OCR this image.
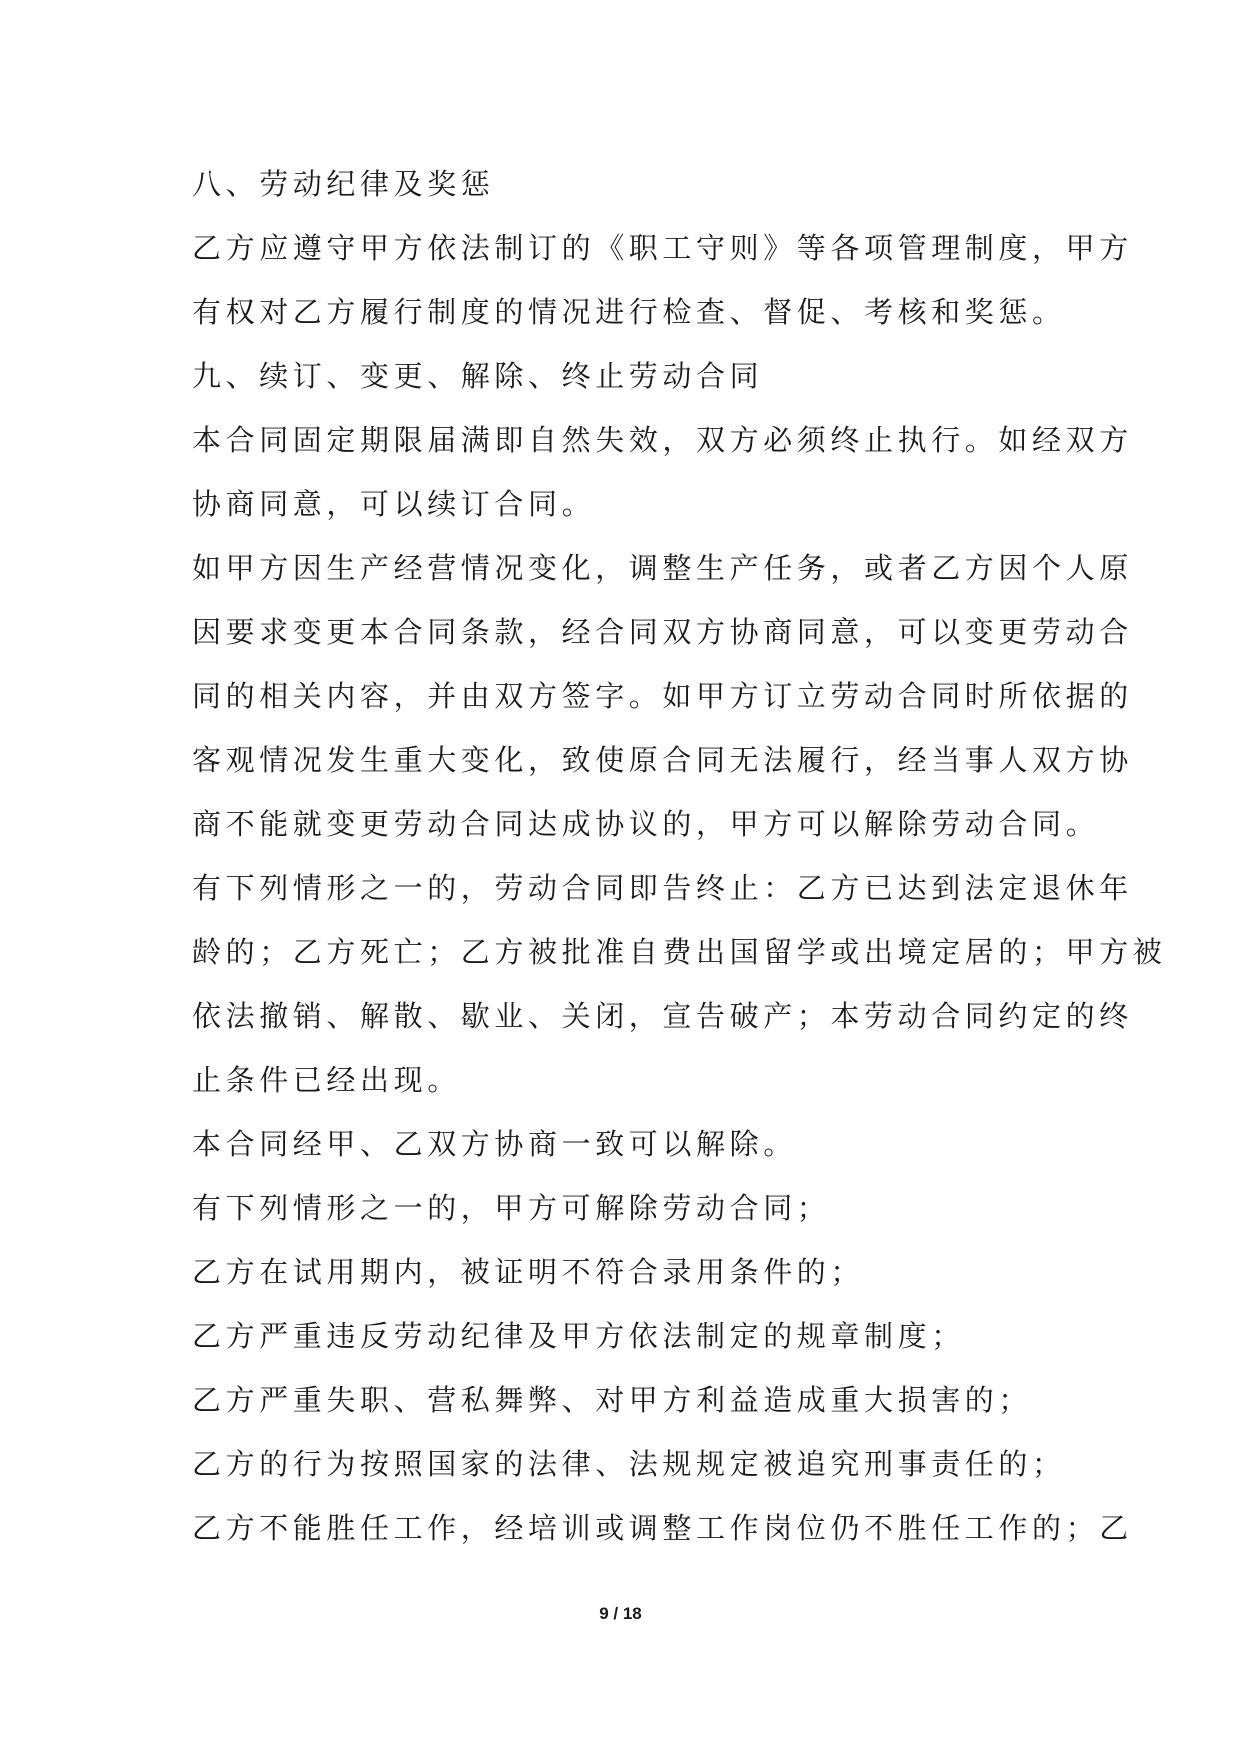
八、劳动纪律及奖惩
乙方应遵守甲方依法制订的《职工守则》等各项管理制度，甲方
有权对乙方履行制度的情况进行检查、督促、考核和奖惩。
九、续订、变更、解除、终止劳动合同
本合同固定期限届满即自然失效，双方必须终止执行。如经双方
协商同意，可以续订合同。
如甲方因生产经营情况变化，调整生产任务，或者乙方因个人原
因要求变更本合同条款，经合同双方协商同意，可以变更劳动合
同的相关内容，并由双方签字。如甲方订立劳动合同时所依据的
客观情况发生重大变化，致使原合同无法履行，经当事人双方协
商不能就变更劳动合同达成协议的，甲方可以解除劳动合同。
有下列情形之一的，劳动合同即告终止：乙方已达到法定退休年
龄的；乙方死亡；乙方被批准自费出国留学或出境定居的；甲方被
依法撤销、解散、歇业、关闭，宣告破产；本劳动合同约定的终
止条件已经出现。
本合同经甲、乙双方协商一致可以解除。
有下列情形之一的，甲方可解除劳动合同；
乙方在试用期内，被证明不符合录用条件的；
乙方严重违反劳动纪律及甲方依法制定的规章制度；
乙方严重失职、营私舞弊、对甲方利益造成重大损害的；
乙方的行为按照国家的法律、法规规定被追究刑事责任的；
乙方不能胜任工作，经培训或调整工作岗位仍不胜任工作的；乙
9 / 18
